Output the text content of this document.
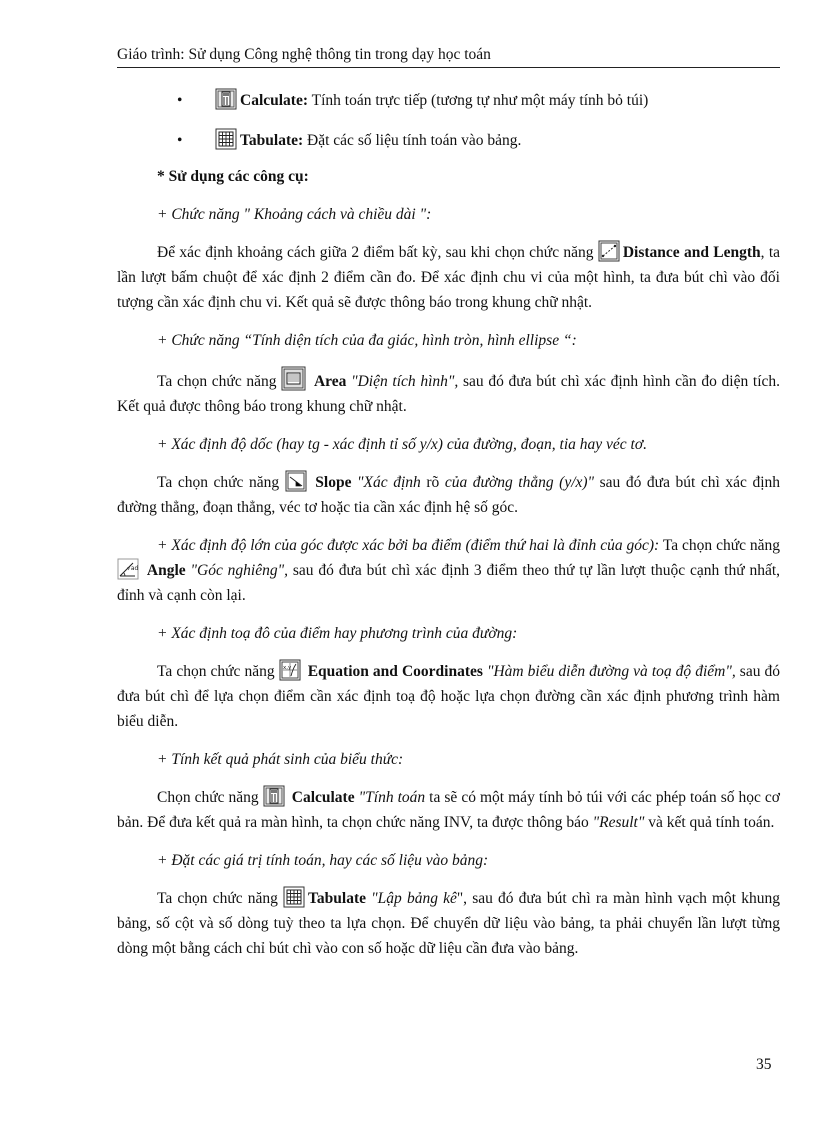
Giáo trình: Sử dụng Công nghệ thông tin trong dạy học toán

•	Calculate: Tính toán trực tiếp (tương tự như một máy tính bỏ túi)

•	Tabulate: Đặt các số liệu tính toán vào bảng.

* Sử dụng các công cụ:

+ Chức năng " Khoảng cách và chiều dài ":

Để xác định khoảng cách giữa 2 điểm bất kỳ, sau khi chọn chức năng
Distance and Length, ta lần lượt bấm chuột để xác định 2 điểm cần đo. Để xác định chu vi của một hình, ta đưa bút chì vào đối tượng cần xác định chu vi. Kết quả sẽ được thông báo trong khung chữ nhật.

+ Chức năng “Tính diện tích của đa giác, hình tròn, hình ellipse “:

Ta chọn chức năng
Area "Diện tích hình", sau đó đưa bút chì xác định hình cần đo diện tích. Kết quả được thông báo trong khung chữ nhật.

+ Xác định độ dốc (hay tg - xác định tỉ số y/x) của đường, đoạn, tia hay véc tơ.

Ta chọn chức năng
Slope "Xác định rõ của đường thẳng (y/x)" sau đó đưa bút chì xác định đường thẳng, đoạn thẳng, véc tơ hoặc tia cần xác định hệ số góc.

+ Xác định độ lớn của góc được xác bởi ba điểm (điểm thứ hai là đỉnh của góc): Ta chọn chức năng
√ad Angle "Góc nghiêng", sau đó đưa bút chì xác định 3 điểm theo thứ tự lần lượt thuộc cạnh thứ nhất, đỉnh và cạnh còn lại.

+ Xác định toạ đô của điểm hay phương trình của đường:

Ta chọn chức năng x,y Equation and Coordinates "Hàm biểu diễn đường và toạ độ điểm", sau đó đưa bút chì để lựa chọn điểm cần xác định toạ độ hoặc lựa chọn đường cần xác định phương trình hàm biểu diễn.

+ Tính kết quả phát sinh của biểu thức:

Chọn chức năng
Calculate "Tính toán ta sẽ có một máy tính bỏ túi với các phép toán số học cơ bản. Để đưa kết quả ra màn hình, ta chọn chức năng INV, ta được thông báo "Result" và kết quả tính toán.

+ Đặt các giá trị tính toán, hay các số liệu vào bảng:

Ta chọn chức năng
Tabulate "Lập bảng kê", sau đó đưa bút chì ra màn hình vạch một khung bảng, số cột và số dòng tuỳ theo ta lựa chọn. Để chuyển dữ liệu vào bảng, ta phải chuyển lần lượt từng dòng một bằng cách chỉ bút chì vào con số hoặc dữ liệu cần đưa vào bảng.

35
